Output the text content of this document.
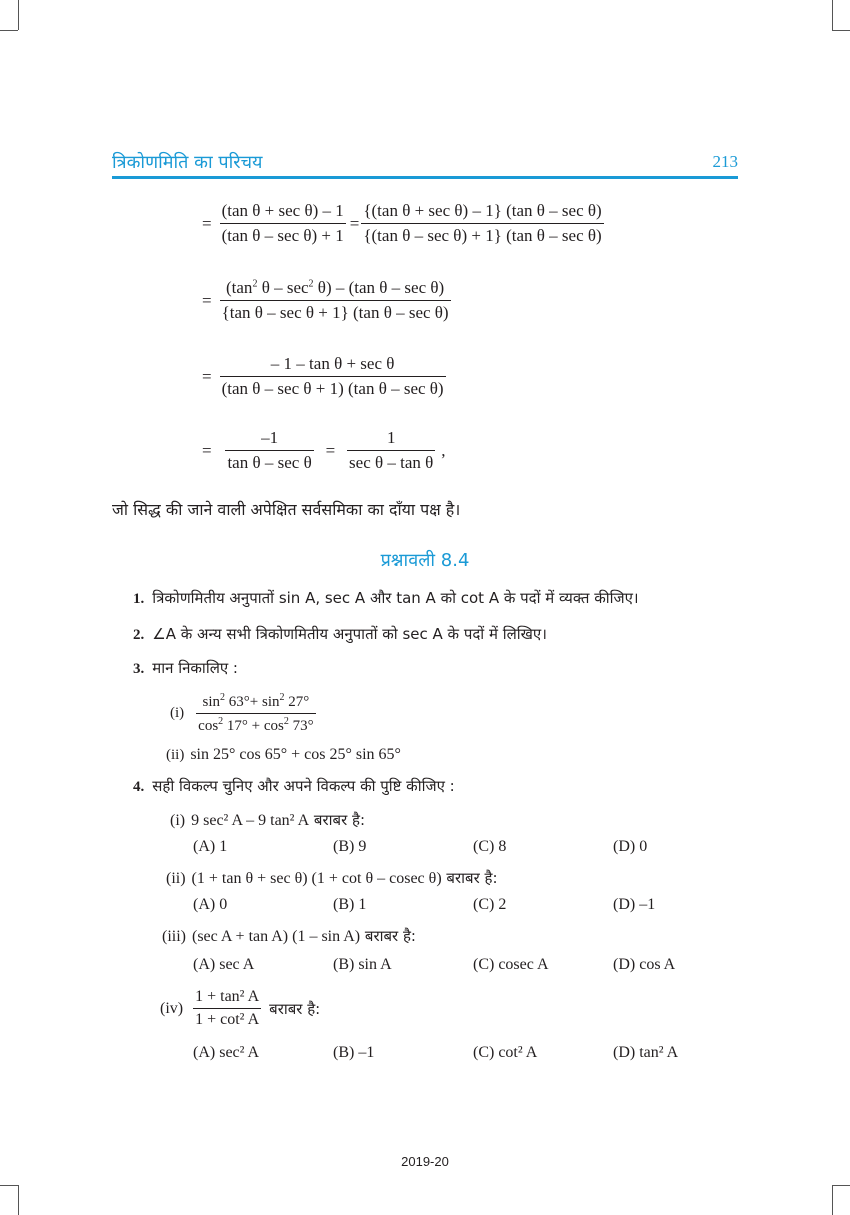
त्रिकोणमिति का परिचय	213
= $\frac{\text{(tan θ + sec θ) – 1}}{\text{(tan θ – sec θ) + 1}} = \frac{\text{\{(tan θ + sec θ) – 1\} (tan θ – sec θ)}}{\text{\{(tan θ – sec θ) + 1\} (tan θ – sec θ)}}$
= $\frac{(\tan^2 \theta - \sec^2 \theta) - (\tan \theta - \sec \theta)}{\text{\{tan θ – sec θ + 1\} (tan θ – sec θ)}}$
= $\frac{\text{– 1 – tan θ + sec θ}}{\text{(tan θ – sec θ + 1) (tan θ – sec θ)}}$
= $\frac{-1}{\text{tan θ – sec θ}} = \frac{1}{\text{sec θ – tan θ}}$ ,
जो सिद्ध की जाने वाली अपेक्षित सर्वसमिका का दाँया पक्ष है।
प्रश्नावली 8.4
1. त्रिकोणमितीय अनुपातों sin A, sec A और tan A को cot A के पदों में व्यक्त कीजिए।
2. ∠A के अन्य सभी त्रिकोणमितीय अनुपातों को sec A के पदों में लिखिए।
3. मान निकालिए :
$(i) \frac{\sin^2 63^\circ+ \sin^2 27^\circ}{\cos^2 17^\circ + \cos^2 73^\circ}$
(ii) sin 25° cos 65° + cos 25° sin 65°
4. सही विकल्प चुनिए और अपने विकल्प की पुष्टि कीजिए :
(i) 9 sec² A – 9 tan² A बराबर है:
(A) 1	(B) 9	(C) 8	(D) 0
(ii) (1 + tan θ + sec θ) (1 + cot θ – cosec θ) बराबर है:
(A) 0	(B) 1	(C) 2	(D) –1
(iii) (sec A + tan A) (1 – sin A) बराबर है:
(A) sec A	(B) sin A	(C) cosec A	(D) cos A
$(iv) \frac{\text{1 + tan² A}}{\text{1 + cot² A}}$ बराबर है:
(A) sec² A	(B) –1	(C) cot² A	(D) tan² A
2019-20
